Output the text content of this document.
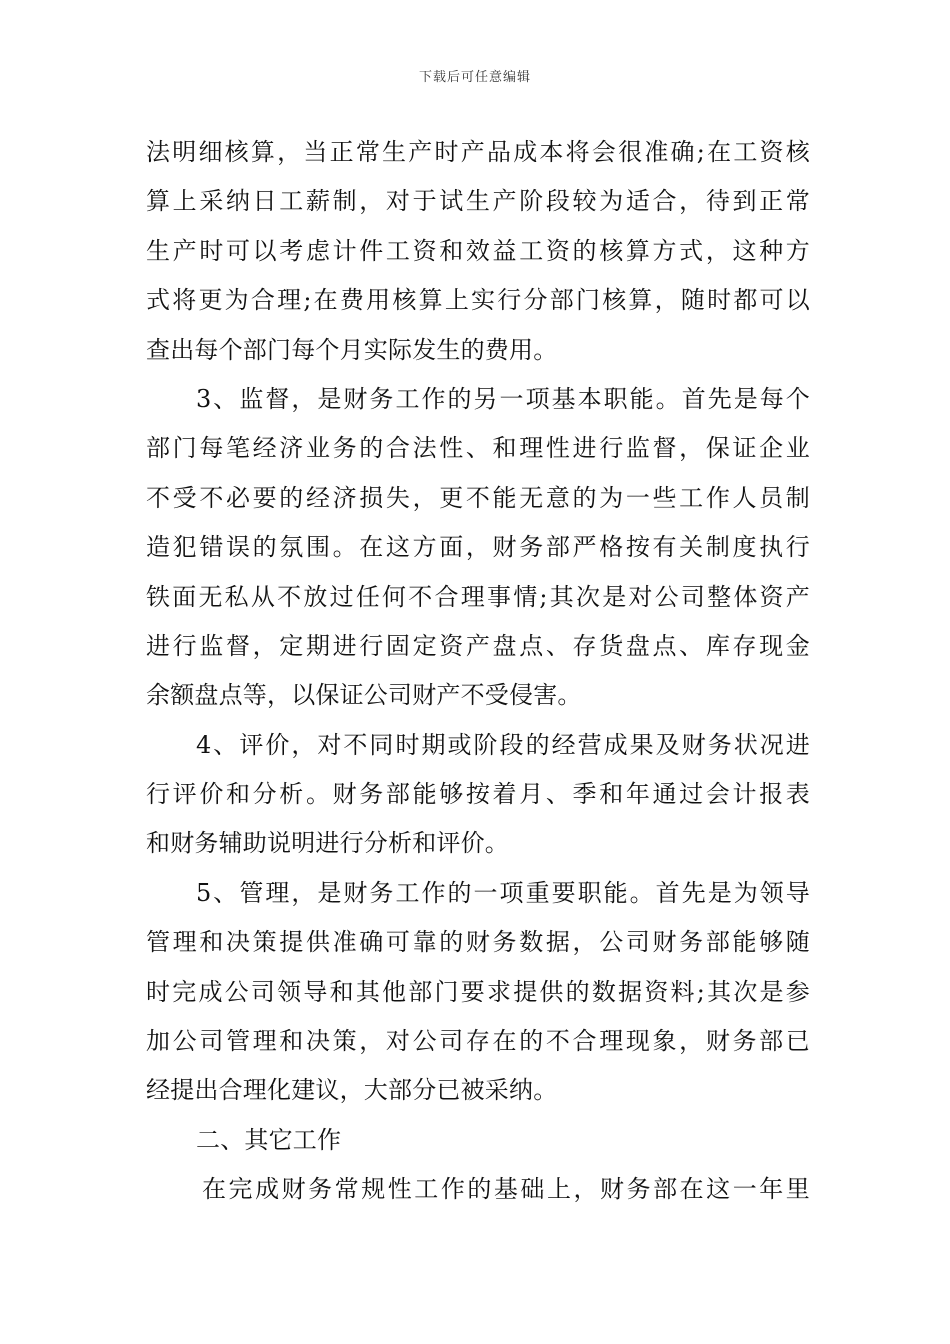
下载后可任意编辑
法明细核算，当正常生产时产品成本将会很准确;在工资核
算上采纳日工薪制，对于试生产阶段较为适合，待到正常
生产时可以考虑计件工资和效益工资的核算方式，这种方
式将更为合理;在费用核算上实行分部门核算，随时都可以
查出每个部门每个月实际发生的费用。
3、监督，是财务工作的另一项基本职能。首先是每个
部门每笔经济业务的合法性、和理性进行监督，保证企业
不受不必要的经济损失，更不能无意的为一些工作人员制
造犯错误的氛围。在这方面，财务部严格按有关制度执行
铁面无私从不放过任何不合理事情;其次是对公司整体资产
进行监督，定期进行固定资产盘点、存货盘点、库存现金
余额盘点等，以保证公司财产不受侵害。
4、评价，对不同时期或阶段的经营成果及财务状况进
行评价和分析。财务部能够按着月、季和年通过会计报表
和财务辅助说明进行分析和评价。
5、管理，是财务工作的一项重要职能。首先是为领导
管理和决策提供准确可靠的财务数据，公司财务部能够随
时完成公司领导和其他部门要求提供的数据资料;其次是参
加公司管理和决策，对公司存在的不合理现象，财务部已
经提出合理化建议，大部分已被采纳。
二、其它工作
在完成财务常规性工作的基础上，财务部在这一年里
